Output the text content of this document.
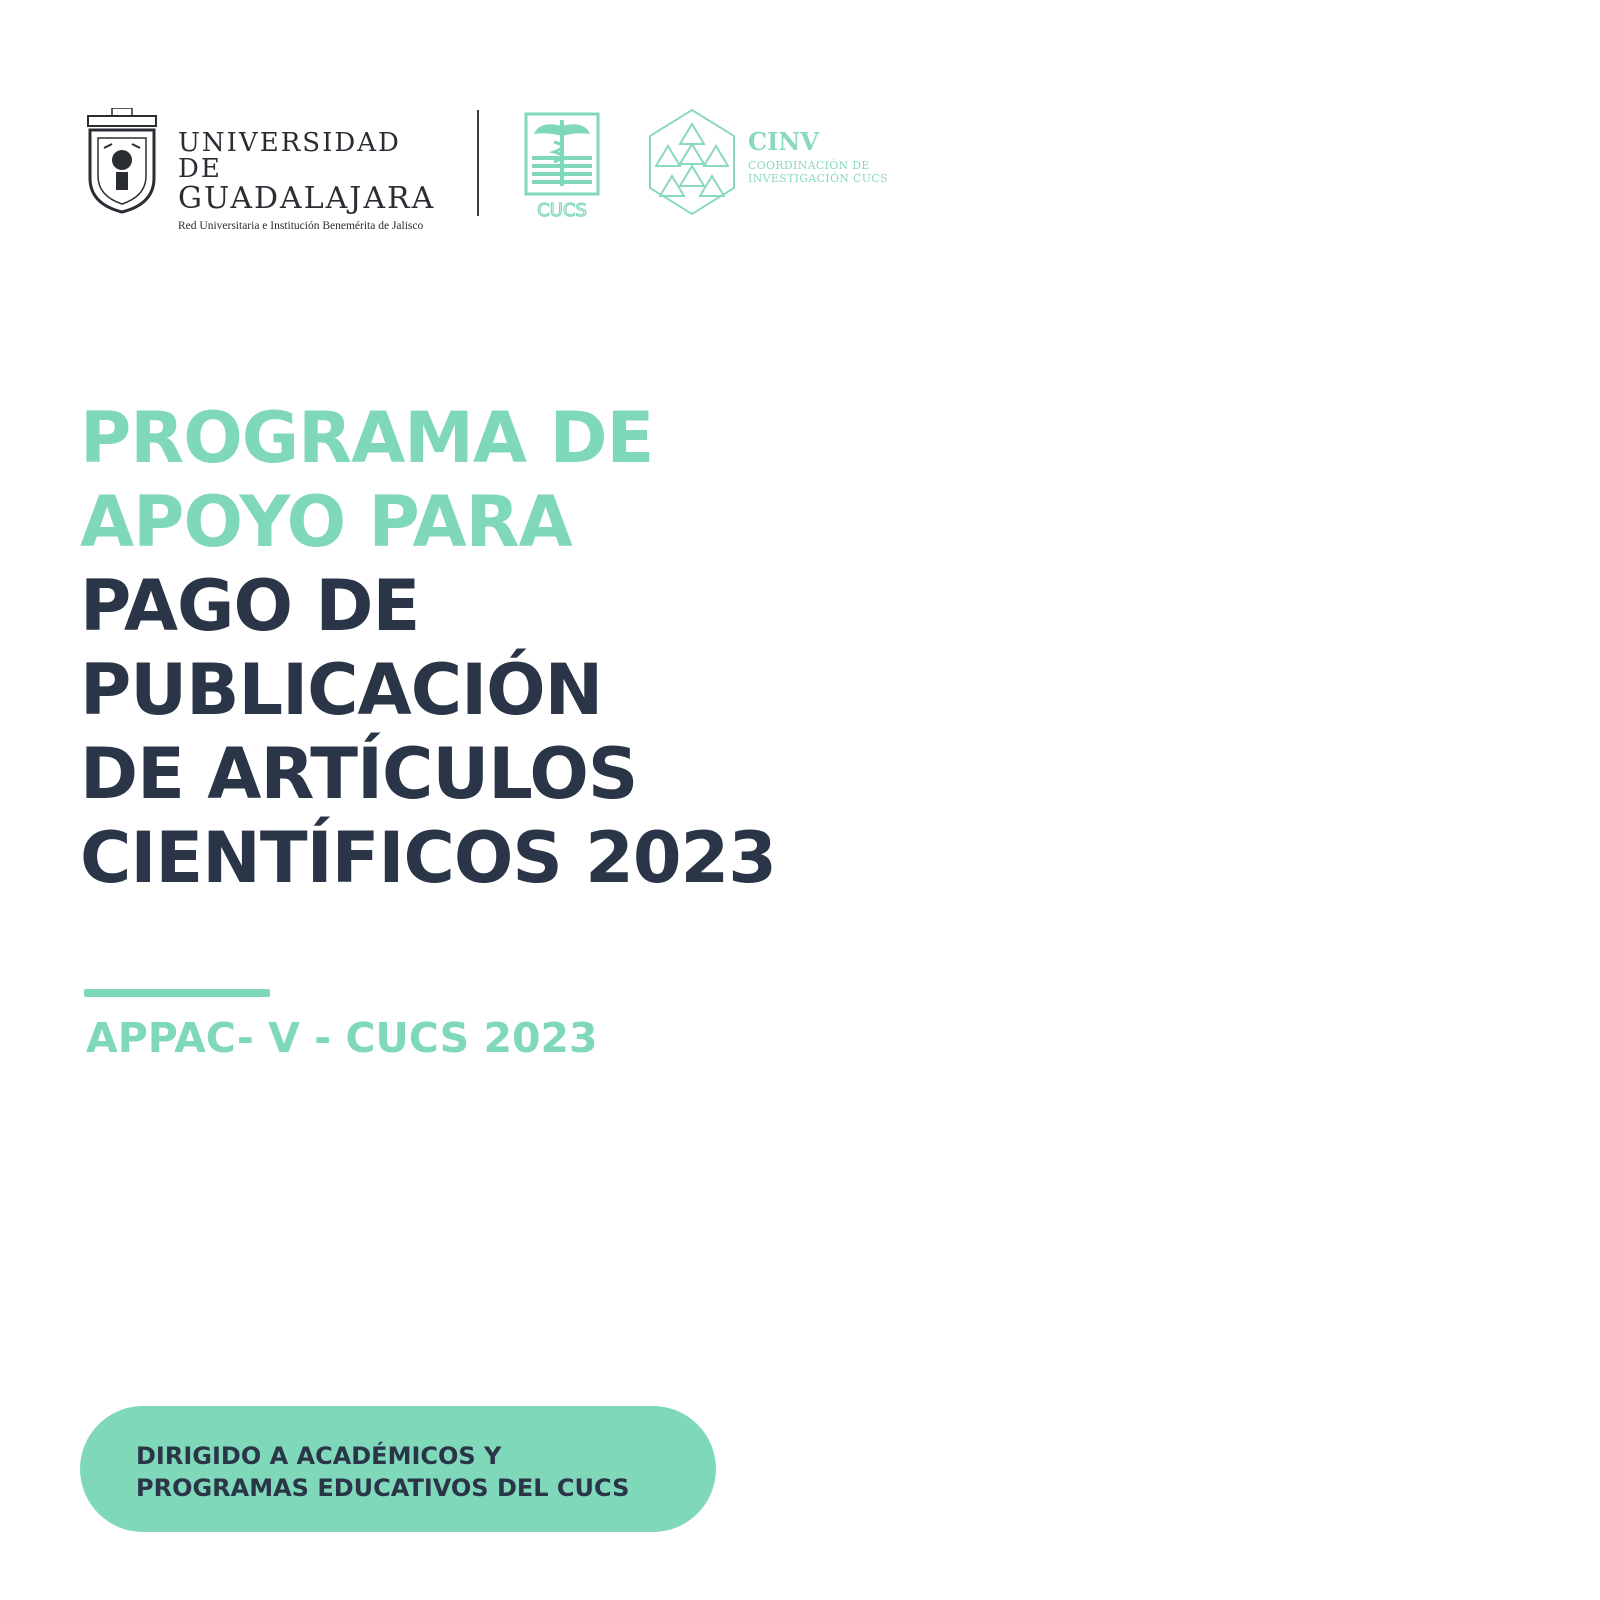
UNIVERSIDAD DE
GUADALAJARA
Red Universitaria e Institución Benemérita de Jalisco
CUCS
CINV
COORDINACIÓN DE
INVESTIGACIÓN CUCS
PROGRAMA DE
APOYO PARA
PAGO DE
PUBLICACIÓN
DE ARTÍCULOS
CIENTÍFICOS 2023
APPAC- V - CUCS 2023
DIRIGIDO A ACADÉMICOS Y
PROGRAMAS EDUCATIVOS DEL CUCS
